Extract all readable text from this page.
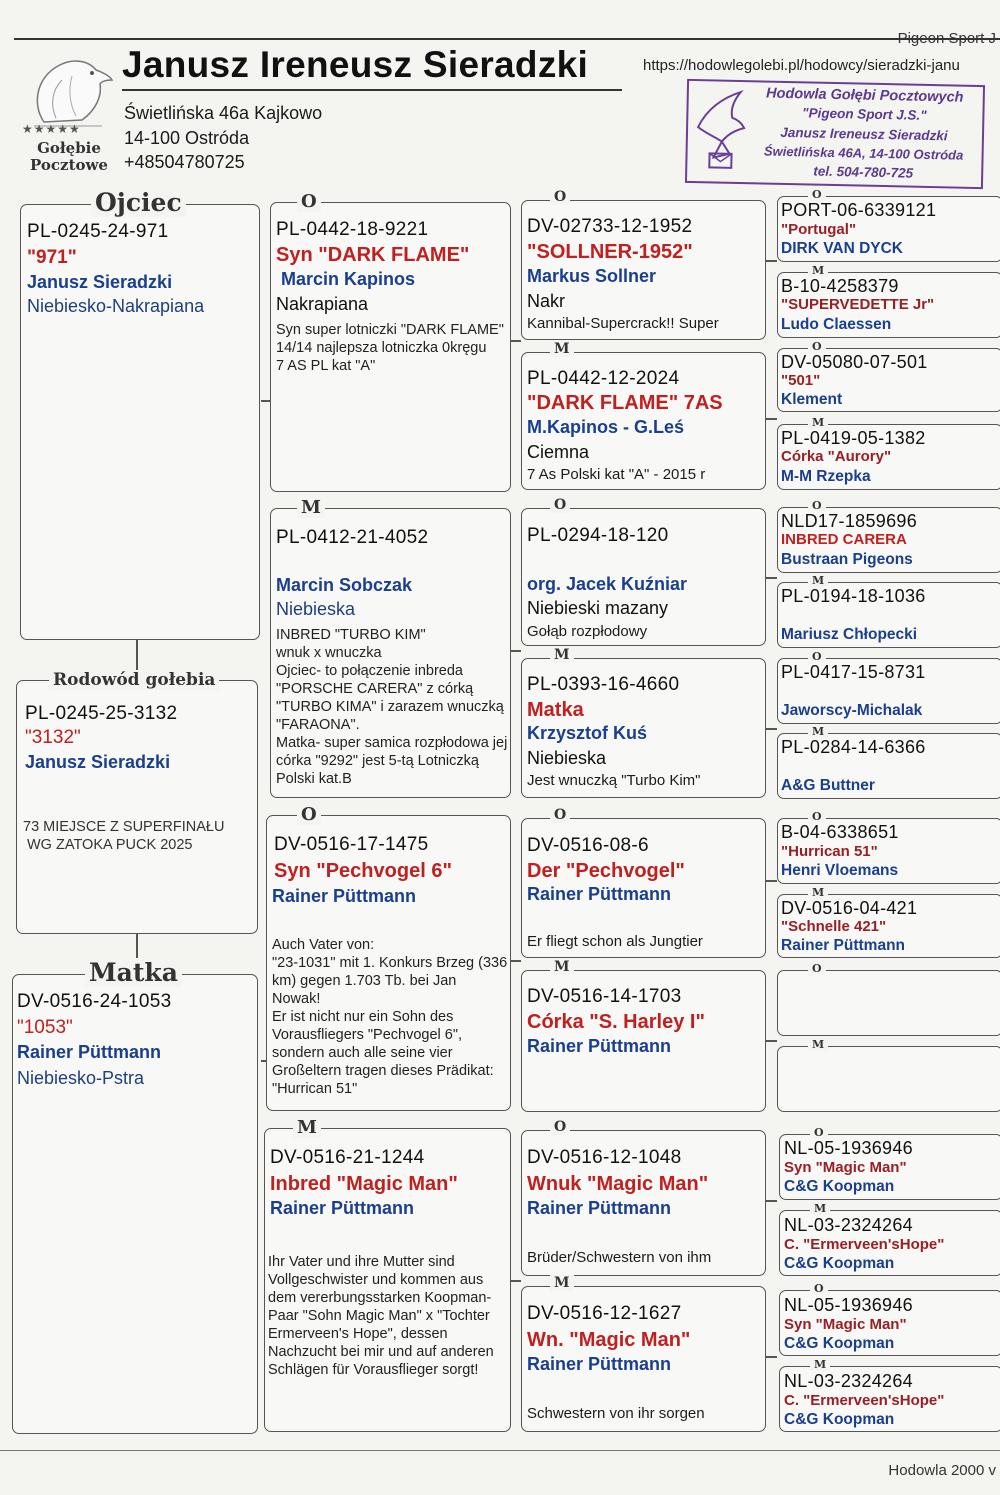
Pigeon Sport J
https://hodowlegolebi.pl/hodowcy/sieradzki-janu
★★★★★
Gołębie
Pocztowe
Janusz Ireneusz Sieradzki
Świetlińska 46a Kajkowo
14-100 Ostróda
+48504780725
Hodowla Gołębi Pocztowych
"Pigeon Sport J.S."
Janusz Ireneusz Sieradzki
Świetlińska 46A, 14-100 Ostróda
tel. 504-780-725
Ojciec
PL-0245-24-971
"971"
Janusz Sieradzki
Niebiesko-Nakrapiana
Rodowód gołebia
PL-0245-25-3132
"3132"
Janusz Sieradzki
73 MIEJSCE Z SUPERFINAŁU
WG ZATOKA PUCK 2025
Matka
DV-0516-24-1053
"1053"
Rainer Püttmann
Niebiesko-Pstra
O
PL-0442-18-9221
Syn "DARK FLAME"
Marcin Kapinos
Nakrapiana
Syn super lotniczki "DARK FLAME" 14/14 najlepsza lotniczka 0kręgu
7 AS PL kat "A"
M
PL-0412-21-4052
Marcin Sobczak
Niebieska
INBRED "TURBO KIM"
wnuk x wnuczka
Ojciec- to połączenie inbreda "PORSCHE CARERA" z córką "TURBO KIMA" i zarazem wnuczką "FARAONA".
Matka- super samica rozpłodowa jej córka "9292" jest 5-tą Lotniczką Polski kat.B
O
DV-0516-17-1475
Syn "Pechvogel 6"
Rainer Püttmann
Auch Vater von:
"23-1031" mit 1. Konkurs Brzeg (336 km) gegen 1.703 Tb. bei Jan Nowak!
Er ist nicht nur ein Sohn des Vorausfliegers "Pechvogel 6", sondern auch alle seine vier Großeltern tragen dieses Prädikat: "Hurrican 51"
M
DV-0516-21-1244
Inbred "Magic Man"
Rainer Püttmann
Ihr Vater und ihre Mutter sind Vollgeschwister und kommen aus dem vererbungsstarken Koopman-Paar "Sohn Magic Man" x "Tochter Ermerveen's Hope", dessen Nachzucht bei mir und auf anderen Schlägen für Vorausflieger sorgt!
O
DV-02733-12-1952
"SOLLNER-1952"
Markus Sollner
Nakr
Kannibal-Supercrack!! Super
M
PL-0442-12-2024
"DARK FLAME" 7AS
M.Kapinos - G.Leś
Ciemna
7 As Polski kat "A" - 2015 r
O
PL-0294-18-120
org. Jacek Kuźniar
Niebieski mazany
Gołąb rozpłodowy
M
PL-0393-16-4660
Matka
Krzysztof Kuś
Niebieska
Jest wnuczką "Turbo Kim"
O
DV-0516-08-6
Der "Pechvogel"
Rainer Püttmann
Er fliegt schon als Jungtier
M
DV-0516-14-1703
Córka "S. Harley I"
Rainer Püttmann
O
DV-0516-12-1048
Wnuk "Magic Man"
Rainer Püttmann
Brüder/Schwestern von ihm
M
DV-0516-12-1627
Wn. "Magic Man"
Rainer Püttmann
Schwestern von ihr sorgen
O
PORT-06-6339121
"Portugal"
DIRK VAN DYCK
M
B-10-4258379
"SUPERVEDETTE Jr"
Ludo Claessen
O
DV-05080-07-501
"501"
Klement
M
PL-0419-05-1382
Córka "Aurory"
M-M Rzepka
O
NLD17-1859696
INBRED CARERA
Bustraan Pigeons
M
PL-0194-18-1036
Mariusz Chłopecki
O
PL-0417-15-8731
Jaworscy-Michalak
M
PL-0284-14-6366
A&G Buttner
O
B-04-6338651
"Hurrican 51"
Henri Vloemans
M
DV-0516-04-421
"Schnelle 421"
Rainer Püttmann
O
M
O
NL-05-1936946
Syn "Magic Man"
C&G Koopman
M
NL-03-2324264
C. "Ermerveen'sHope"
C&G Koopman
O
NL-05-1936946
Syn "Magic Man"
C&G Koopman
M
NL-03-2324264
C. "Ermerveen'sHope"
C&G Koopman
Hodowla 2000 v
